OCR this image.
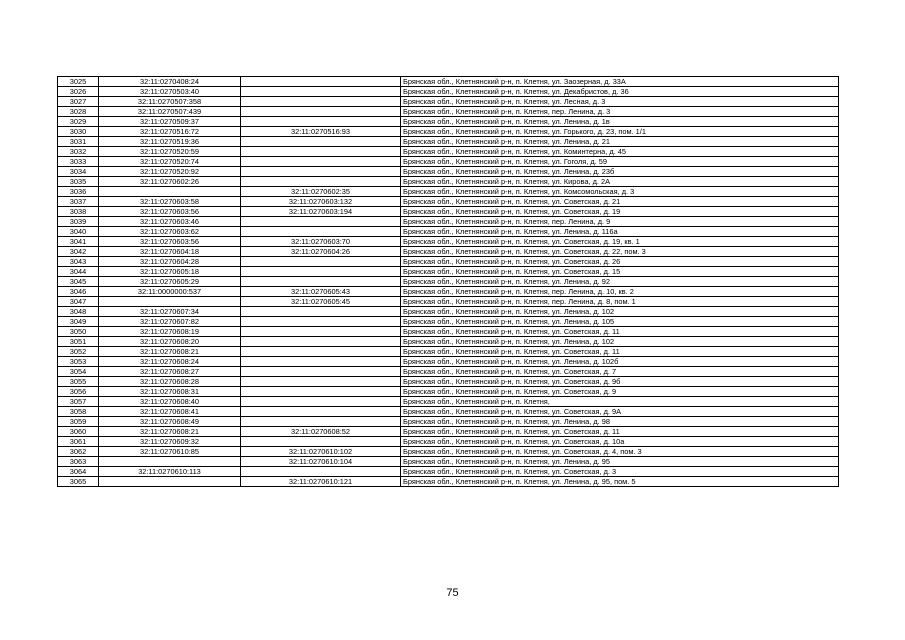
3025	32:11:0270408:24		Брянская обл., Клетнянский р-н, п. Клетня, ул. Заозерная, д. 33А
3026	32:11:0270503:40		Брянская обл., Клетнянский р-н, п. Клетня, ул. Декабристов, д. 36
3027	32:11:0270507:358		Брянская обл., Клетнянский р-н, п. Клетня, ул. Лесная, д. 3
3028	32:11:0270507:439		Брянская обл., Клетнянский р-н, п. Клетня, пер. Ленина, д. 3
3029	32:11:0270509:37		Брянская обл., Клетнянский р-н, п. Клетня, ул. Ленина, д. 1в
3030	32:11:0270516:72	32:11:0270516:93	Брянская обл., Клетнянский р-н, п. Клетня, ул. Горького, д. 23, пом. 1/1
3031	32:11:0270519:36		Брянская обл., Клетнянский р-н, п. Клетня, ул. Ленина, д. 21
3032	32:11:0270520:59		Брянская обл., Клетнянский р-н, п. Клетня, ул. Коминтерна, д. 45
3033	32:11:0270520:74		Брянская обл., Клетнянский р-н, п. Клетня, ул. Гоголя, д. 59
3034	32:11:0270520:92		Брянская обл., Клетнянский р-н, п. Клетня, ул. Ленина, д. 23б
3035	32:11:0270602:26		Брянская обл., Клетнянский р-н, п. Клетня, ул. Кирова, д. 2А
3036		32:11:0270602:35	Брянская обл., Клетнянский р-н, п. Клетня, ул. Комсомольская, д. 3
3037	32:11:0270603:58	32:11:0270603:132	Брянская обл., Клетнянский р-н, п. Клетня, ул. Советская, д. 21
3038	32:11:0270603:56	32:11:0270603:194	Брянская обл., Клетнянский р-н, п. Клетня, ул. Советская, д. 19
3039	32:11:0270603:46		Брянская обл., Клетнянский р-н, п. Клетня, пер. Ленина, д. 9
3040	32:11:0270603:62		Брянская обл., Клетнянский р-н, п. Клетня, ул. Ленина, д. 116а
3041	32:11:0270603:56	32:11:0270603:70	Брянская обл., Клетнянский р-н, п. Клетня, ул. Советская, д. 19, кв. 1
3042	32:11:0270604:18	32:11:0270604:26	Брянская обл., Клетнянский р-н, п. Клетня, ул. Советская, д. 22, пом. 3
3043	32:11:0270604:28		Брянская обл., Клетнянский р-н, п. Клетня, ул. Советская, д. 26
3044	32:11:0270605:18		Брянская обл., Клетнянский р-н, п. Клетня, ул. Советская, д. 15
3045	32:11:0270605:29		Брянская обл., Клетнянский р-н, п. Клетня, ул. Ленина, д. 92
3046	32:11:0000000:537	32:11:0270605:43	Брянская обл., Клетнянский р-н, п. Клетня, пер. Ленина, д. 10, кв. 2
3047		32:11:0270605:45	Брянская обл., Клетнянский р-н, п. Клетня, пер. Ленина, д. 8, пом. 1
3048	32:11:0270607:34		Брянская обл., Клетнянский р-н, п. Клетня, ул. Ленина, д. 102
3049	32:11:0270607:82		Брянская обл., Клетнянский р-н, п. Клетня, ул. Ленина, д. 105
3050	32:11:0270608:19		Брянская обл., Клетнянский р-н, п. Клетня, ул. Советская, д. 11
3051	32:11:0270608:20		Брянская обл., Клетнянский р-н, п. Клетня, ул. Ленина, д. 102
3052	32:11:0270608:21		Брянская обл., Клетнянский р-н, п. Клетня, ул. Советская, д. 11
3053	32:11:0270608:24		Брянская обл., Клетнянский р-н, п. Клетня, ул. Ленина, д. 102б
3054	32:11:0270608:27		Брянская обл., Клетнянский р-н, п. Клетня, ул. Советская, д. 7
3055	32:11:0270608:28		Брянская обл., Клетнянский р-н, п. Клетня, ул. Советская, д. 9б
3056	32:11:0270608:31		Брянская обл., Клетнянский р-н, п. Клетня, ул. Советская, д. 9
3057	32:11:0270608:40		Брянская обл., Клетнянский р-н, п. Клетня,
3058	32:11:0270608:41		Брянская обл., Клетнянский р-н, п. Клетня, ул. Советская, д. 9А
3059	32:11:0270608:49		Брянская обл., Клетнянский р-н, п. Клетня, ул. Ленина, д. 98
3060	32:11:0270608:21	32:11:0270608:52	Брянская обл., Клетнянский р-н, п. Клетня, ул. Советская, д. 11
3061	32:11:0270609:32		Брянская обл., Клетнянский р-н, п. Клетня, ул. Советская, д. 10а
3062	32:11:0270610:85	32:11:0270610:102	Брянская обл., Клетнянский р-н, п. Клетня, ул. Советская, д. 4, пом. 3
3063		32:11:0270610:104	Брянская обл., Клетнянский р-н, п. Клетня, ул. Ленина, д. 95
3064	32:11:0270610:113		Брянская обл., Клетнянский р-н, п. Клетня, ул. Советская, д. 3
3065		32:11:0270610:121	Брянская обл., Клетнянский р-н, п. Клетня, ул. Ленина, д. 95, пом. 5
75
